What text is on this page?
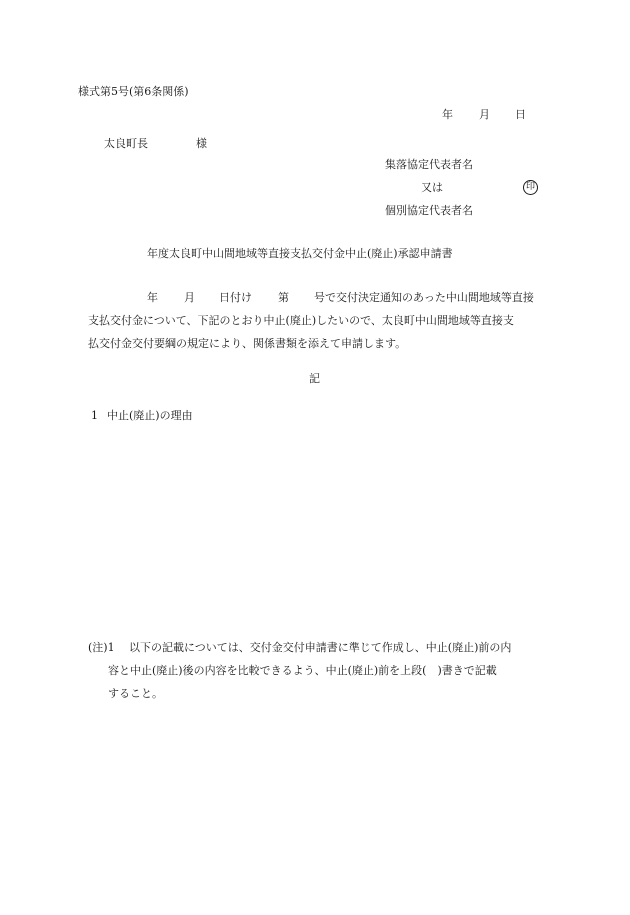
様式第5号(第6条関係)
年 月 日
太良町長	様
集落協定代表者名
又は	印
個別協定代表者名
年度太良町中山間地域等直接支払交付金中止(廃止)承認申請書
年 月 日付け 第 号で交付決定通知のあった中山間地域等直接
支払交付金について、下記のとおり中止(廃止)したいので、太良町中山間地域等直接支
払交付金交付要綱の規定により、関係書類を添えて申請します。
記
1 中止(廃止)の理由
(注)1 以下の記載については、交付金交付申請書に準じて作成し、中止(廃止)前の内
容と中止(廃止)後の内容を比較できるよう、中止(廃止)前を上段(　)書きで記載
すること。
